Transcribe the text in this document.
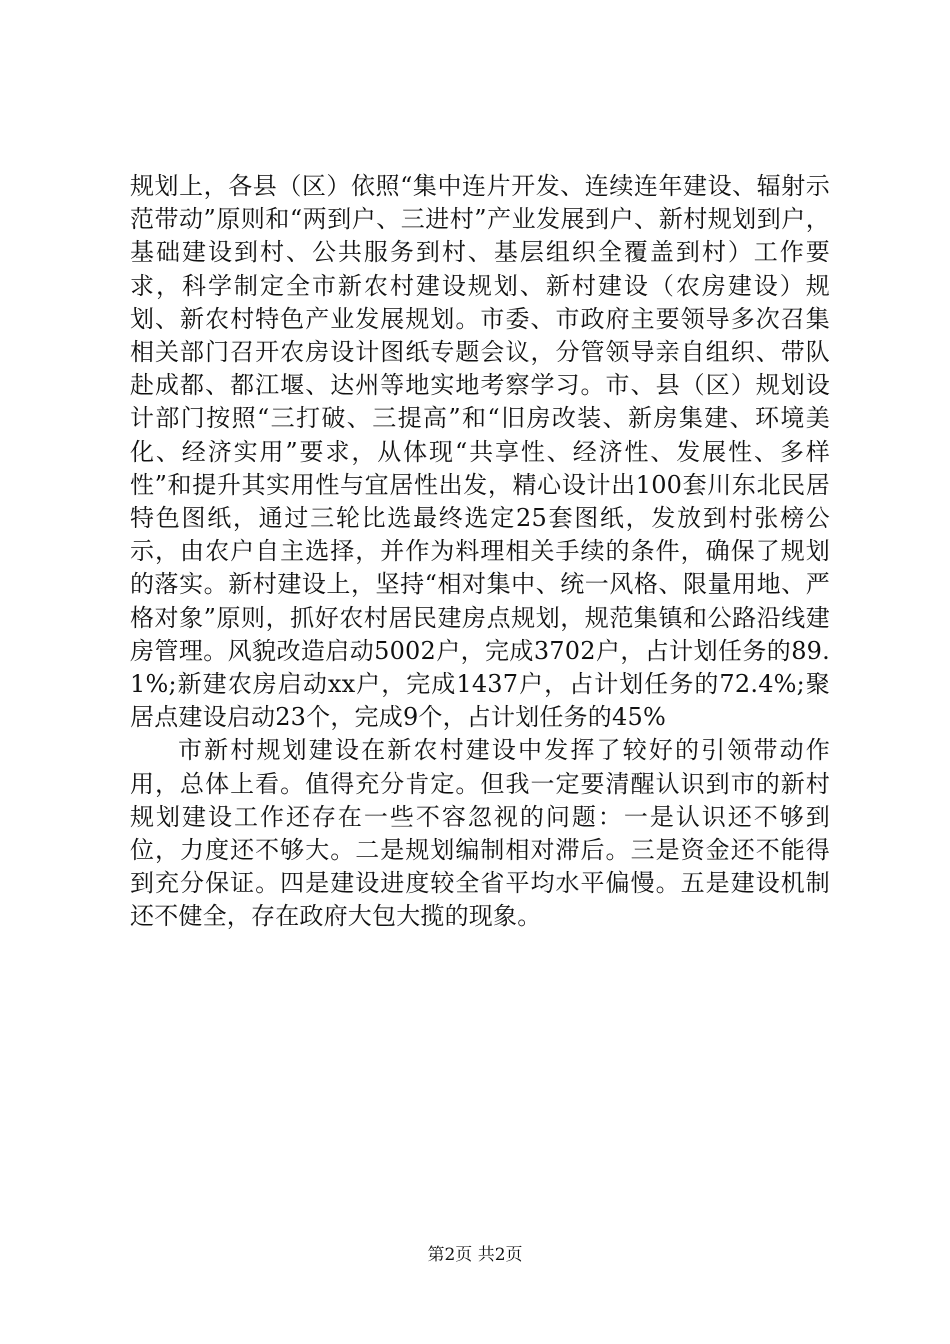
规划上，各县（区）依照“集中连片开发、连续连年建设、辐射示范带动”原则和“两到户、三进村”产业发展到户、新村规划到户，基础建设到村、公共服务到村、基层组织全覆盖到村）工作要求，科学制定全市新农村建设规划、新村建设（农房建设）规划、新农村特色产业发展规划。市委、市政府主要领导多次召集相关部门召开农房设计图纸专题会议，分管领导亲自组织、带队赴成都、都江堰、达州等地实地考察学习。市、县（区）规划设计部门按照“三打破、三提高”和“旧房改装、新房集建、环境美化、经济实用”要求，从体现“共享性、经济性、发展性、多样性”和提升其实用性与宜居性出发，精心设计出100套川东北民居特色图纸，通过三轮比选最终选定25套图纸，发放到村张榜公示，由农户自主选择，并作为料理相关手续的条件，确保了规划的落实。新村建设上，坚持“相对集中、统一风格、限量用地、严格对象”原则，抓好农村居民建房点规划，规范集镇和公路沿线建房管理。风貌改造启动5002户，完成3702户，占计划任务的89.1%;新建农房启动xx户，完成1437户，占计划任务的72.4%;聚居点建设启动23个，完成9个，占计划任务的45%

市新村规划建设在新农村建设中发挥了较好的引领带动作用，总体上看。值得充分肯定。但我一定要清醒认识到市的新村规划建设工作还存在一些不容忽视的问题：一是认识还不够到位，力度还不够大。二是规划编制相对滞后。三是资金还不能得到充分保证。四是建设进度较全省平均水平偏慢。五是建设机制还不健全，存在政府大包大揽的现象。

第2页 共2页
